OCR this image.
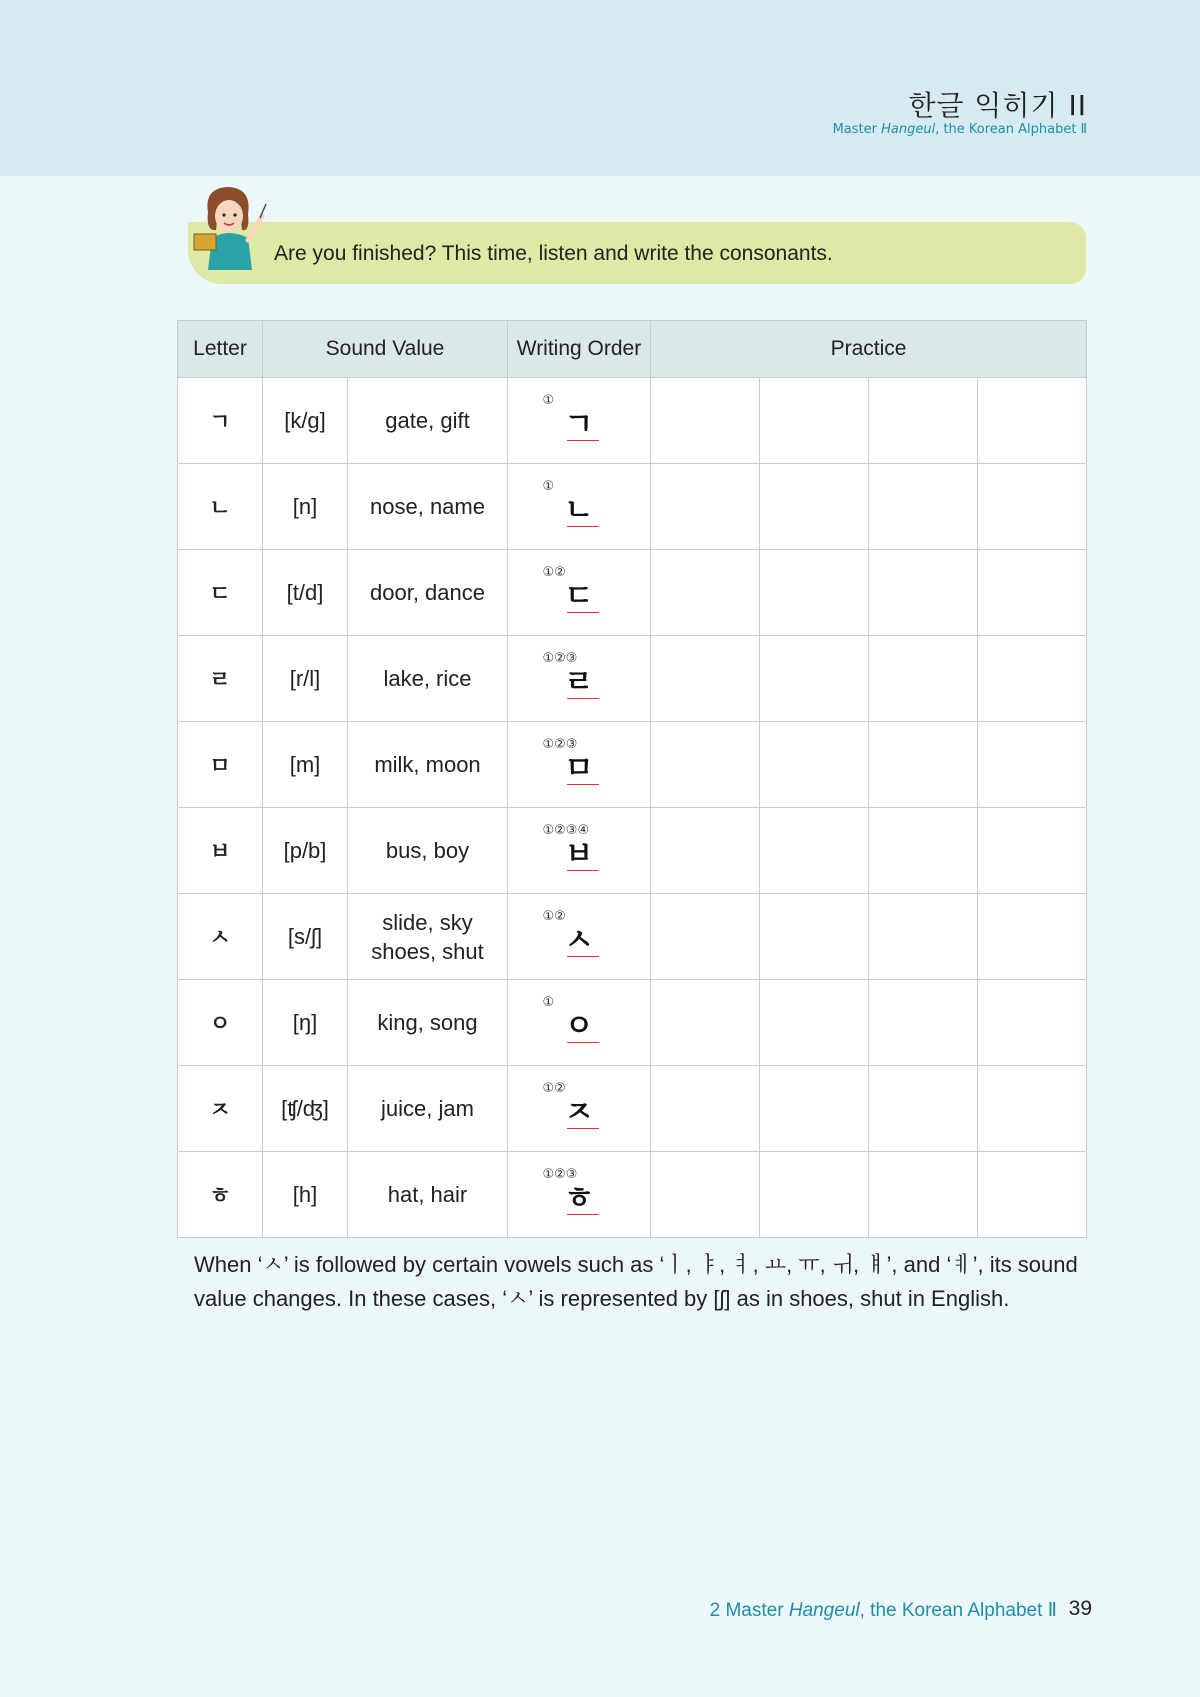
한글 익히기 II
Master Hangeul, the Korean Alphabet Ⅱ
Are you finished? This time, listen and write the consonants.
Letter	Sound Value		Writing Order	Practice			
ㄱ	[k/g]	gate, gift	ㄱ
①				

ㄴ	[n]	nose, name	ㄴ
①				

ㄷ	[t/d]	door, dance	ㄷ
①②				

ㄹ	[r/l]	lake, rice	ㄹ
①②③				

ㅁ	[m]	milk, moon	ㅁ
①②③				

ㅂ	[p/b]	bus, boy	ㅂ
①②③④				

ㅅ	[s/ʃ]	slide, sky
shoes, shut	ㅅ
①②				

ㅇ	[ŋ]	king, song	ㅇ
①				

ㅈ	[ʧ/ʤ]	juice, jam	ㅈ
①②				

ㅎ	[h]	hat, hair	ㅎ
①②③				

When ‘ㅅ’ is followed by certain vowels such as ‘ㅣ, ㅑ, ㅕ, ㅛ, ㅠ, ㅟ, ㅒ’, and ‘ㅖ’, its sound value changes. In these cases, ‘ㅅ’ is represented by [ʃ] as in shoes, shut in English.
2 Master Hangeul, the Korean Alphabet Ⅱ 39
